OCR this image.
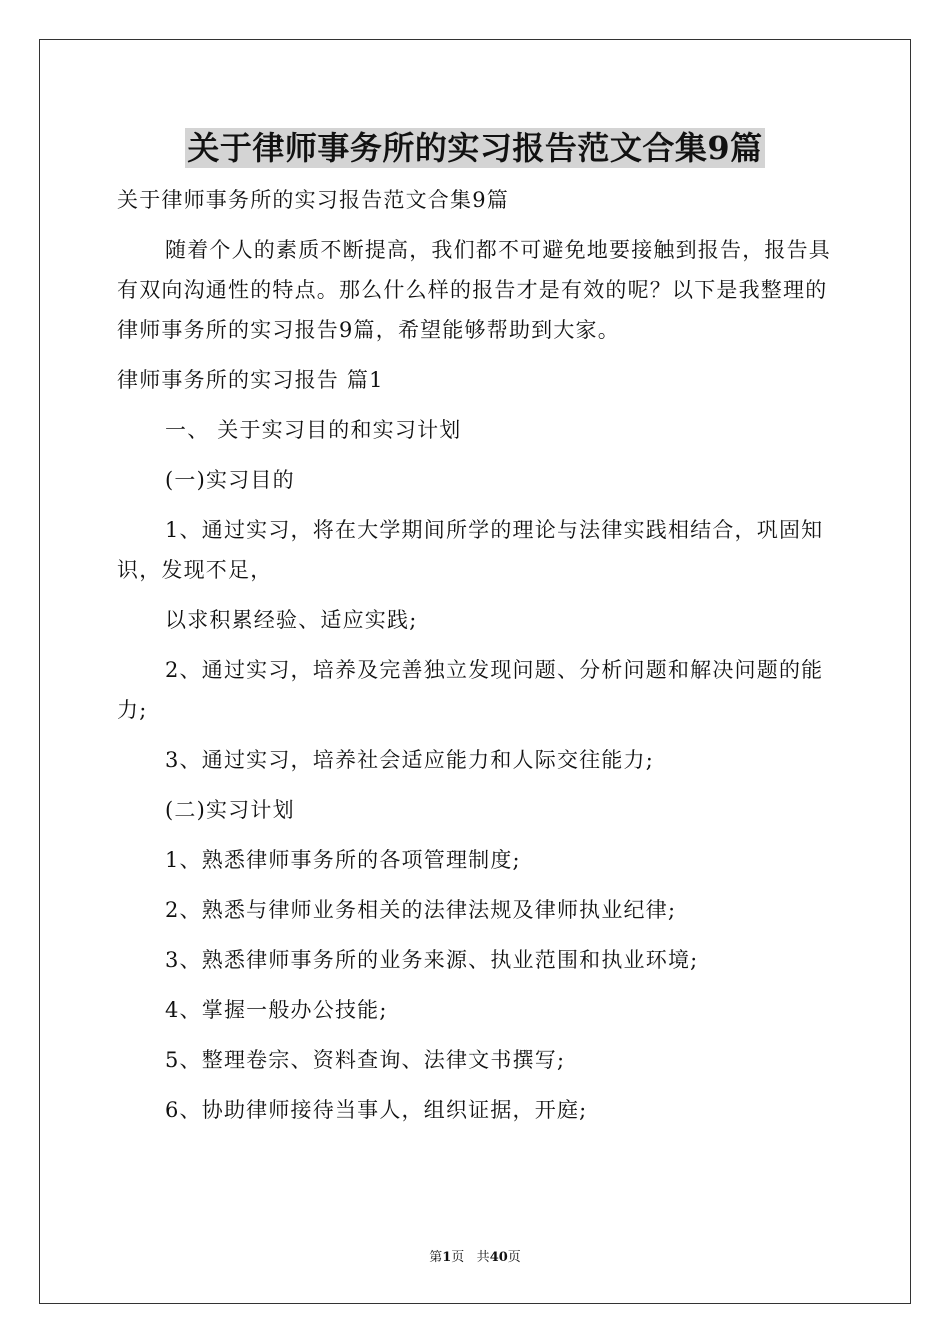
关于律师事务所的实习报告范文合集9篇

关于律师事务所的实习报告范文合集9篇

随着个人的素质不断提高，我们都不可避免地要接触到报告，报告具有双向沟通性的特点。那么什么样的报告才是有效的呢？以下是我整理的律师事务所的实习报告9篇，希望能够帮助到大家。

律师事务所的实习报告 篇1

一、 关于实习目的和实习计划

(一)实习目的

1、通过实习，将在大学期间所学的理论与法律实践相结合，巩固知识，发现不足，

以求积累经验、适应实践;

2、通过实习，培养及完善独立发现问题、分析问题和解决问题的能力;

3、通过实习，培养社会适应能力和人际交往能力;

(二)实习计划

1、熟悉律师事务所的各项管理制度;

2、熟悉与律师业务相关的法律法规及律师执业纪律;

3、熟悉律师事务所的业务来源、执业范围和执业环境;

4、掌握一般办公技能;

5、整理卷宗、资料查询、法律文书撰写;

6、协助律师接待当事人，组织证据，开庭;

第1页 共40页
